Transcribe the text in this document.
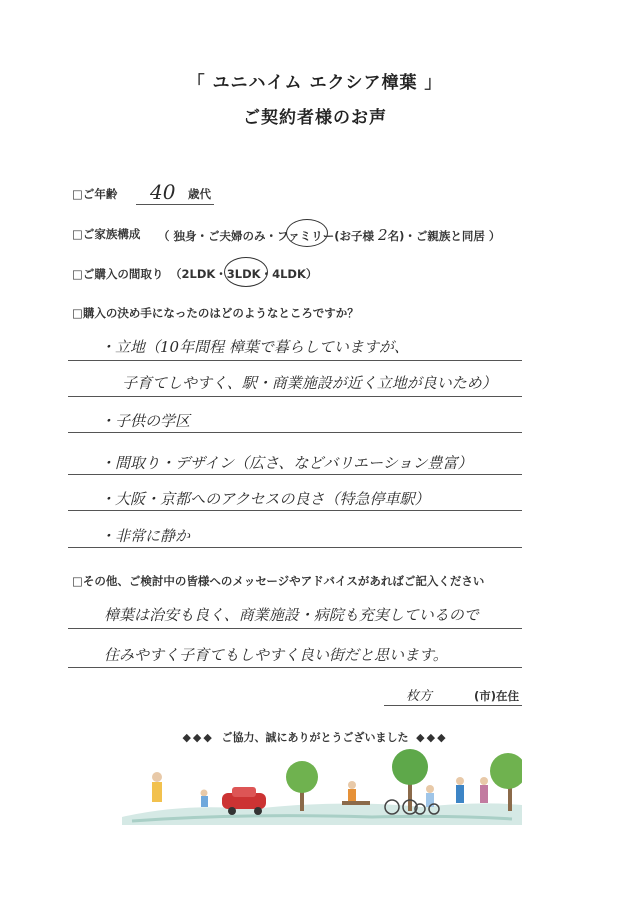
「 ユニハイム エクシア樟葉 」
ご契約者様のお声
□ご年齢 40 歳代
□ご家族構成 （ 独身・ご夫婦のみ・ファミリー(お子様 2名)・ご親族と同居 ）
□ご購入の間取り （2LDK・3LDK・4LDK）
□購入の決め手になったのはどのようなところですか？
・立地（10年間程 樟葉で暮らしていますが、
子育てしやすく、駅・商業施設が近く立地が良いため）
・子供の学区
・間取り・デザイン（広さ、などバリエーション豊富）
・大阪・京都へのアクセスの良さ（特急停車駅）
・非常に静か
□その他、ご検討中の皆様へのメッセージやアドバイスがあればご記入ください
樟葉は治安も良く、商業施設・病院も充実しているので
住みやすく子育てもしやすく良い街だと思います。
枚方	(市)在住
◆◆◆ ご協力、誠にありがとうございました ◆◆◆
